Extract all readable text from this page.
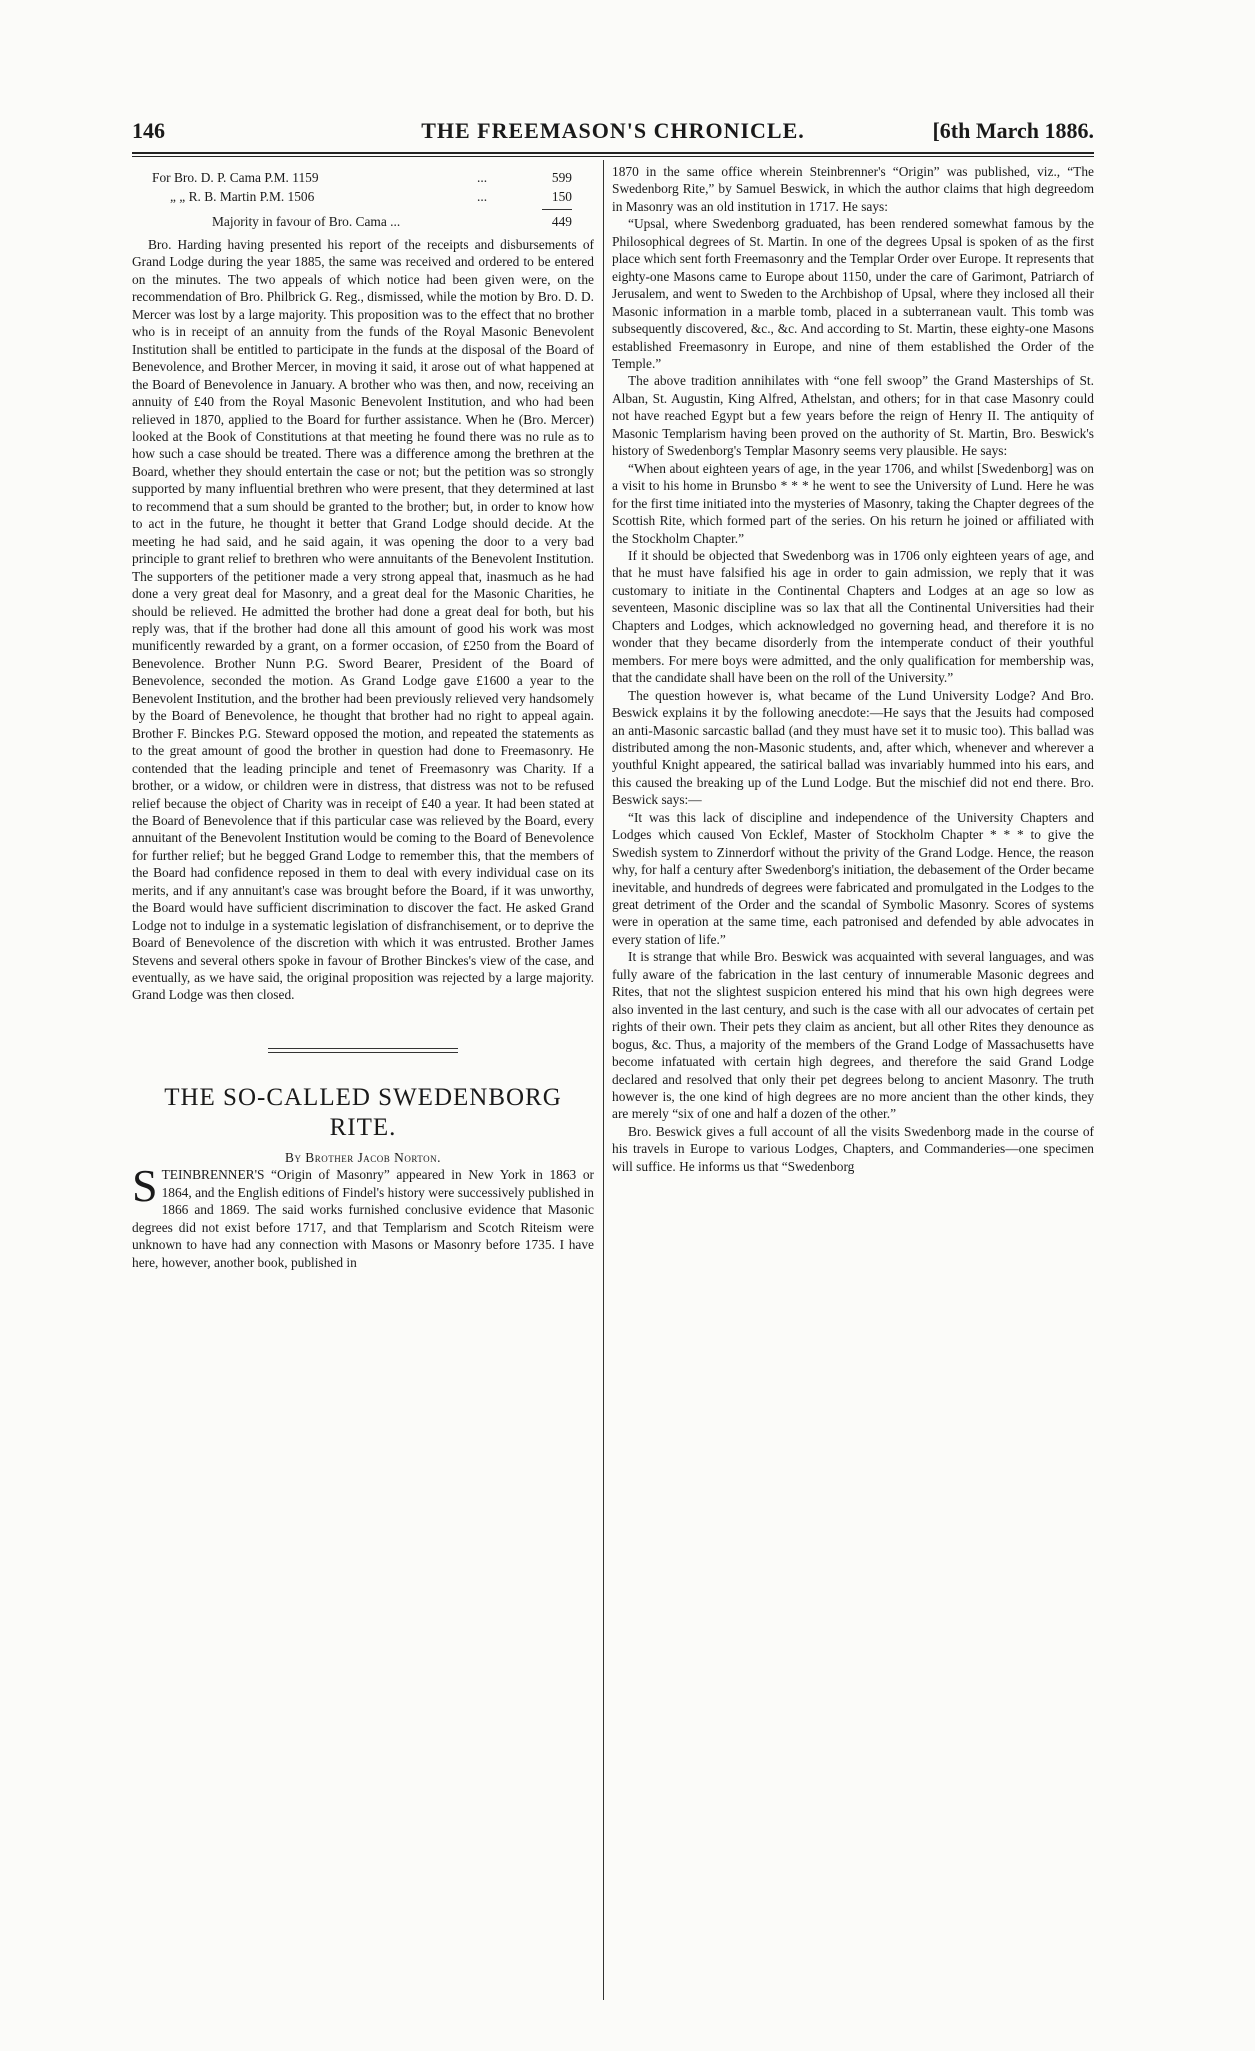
146	THE FREEMASON'S CHRONICLE.	[6th March 1886.
For Bro. D. P. Cama P.M. 1159	...	599
„ „ R. B. Martin P.M. 1506	...	150
Majority in favour of Bro. Cama ...	449

Bro. Harding having presented his report of the receipts and disbursements of Grand Lodge during the year 1885, the same was received and ordered to be entered on the minutes. The two appeals of which notice had been given were, on the recommendation of Bro. Philbrick G. Reg., dismissed, while the motion by Bro. D. D. Mercer was lost by a large majority. This proposition was to the effect that no brother who is in receipt of an annuity from the funds of the Royal Masonic Benevolent Institution shall be entitled to participate in the funds at the disposal of the Board of Benevolence, and Brother Mercer, in moving it said, it arose out of what happened at the Board of Benevolence in January. A brother who was then, and now, receiving an annuity of £40 from the Royal Masonic Benevolent Institution, and who had been relieved in 1870, applied to the Board for further assistance. When he (Bro. Mercer) looked at the Book of Constitutions at that meeting he found there was no rule as to how such a case should be treated. There was a difference among the brethren at the Board, whether they should entertain the case or not; but the petition was so strongly supported by many influential brethren who were present, that they determined at last to recommend that a sum should be granted to the brother; but, in order to know how to act in the future, he thought it better that Grand Lodge should decide. At the meeting he had said, and he said again, it was opening the door to a very bad principle to grant relief to brethren who were annuitants of the Benevolent Institution. The supporters of the petitioner made a very strong appeal that, inasmuch as he had done a very great deal for Masonry, and a great deal for the Masonic Charities, he should be relieved. He admitted the brother had done a great deal for both, but his reply was, that if the brother had done all this amount of good his work was most munificently rewarded by a grant, on a former occasion, of £250 from the Board of Benevolence. Brother Nunn P.G. Sword Bearer, President of the Board of Benevolence, seconded the motion. As Grand Lodge gave £1600 a year to the Benevolent Institution, and the brother had been previously relieved very handsomely by the Board of Benevolence, he thought that brother had no right to appeal again. Brother F. Binckes P.G. Steward opposed the motion, and repeated the statements as to the great amount of good the brother in question had done to Freemasonry. He contended that the leading principle and tenet of Freemasonry was Charity. If a brother, or a widow, or children were in distress, that distress was not to be refused relief because the object of Charity was in receipt of £40 a year. It had been stated at the Board of Benevolence that if this particular case was relieved by the Board, every annuitant of the Benevolent Institution would be coming to the Board of Benevolence for further relief; but he begged Grand Lodge to remember this, that the members of the Board had confidence reposed in them to deal with every individual case on its merits, and if any annuitant's case was brought before the Board, if it was unworthy, the Board would have sufficient discrimination to discover the fact. He asked Grand Lodge not to indulge in a systematic legislation of disfranchisement, or to deprive the Board of Benevolence of the discretion with which it was entrusted. Brother James Stevens and several others spoke in favour of Brother Binckes's view of the case, and eventually, as we have said, the original proposition was rejected by a large majority. Grand Lodge was then closed.

THE SO-CALLED SWEDENBORG RITE.
By Brother Jacob Norton.

STEINBRENNER'S “Origin of Masonry” appeared in New York in 1863 or 1864, and the English editions of Findel's history were successively published in 1866 and 1869. The said works furnished conclusive evidence that Masonic degrees did not exist before 1717, and that Templarism and Scotch Riteism were unknown to have had any connection with Masons or Masonry before 1735. I have here, however, another book, published in

1870 in the same office wherein Steinbrenner's “Origin” was published, viz., “The Swedenborg Rite,” by Samuel Beswick, in which the author claims that high degreedom in Masonry was an old institution in 1717. He says:

“Upsal, where Swedenborg graduated, has been rendered somewhat famous by the Philosophical degrees of St. Martin. In one of the degrees Upsal is spoken of as the first place which sent forth Freemasonry and the Templar Order over Europe. It represents that eighty-one Masons came to Europe about 1150, under the care of Garimont, Patriarch of Jerusalem, and went to Sweden to the Archbishop of Upsal, where they inclosed all their Masonic information in a marble tomb, placed in a subterranean vault. This tomb was subsequently discovered, &c., &c. And according to St. Martin, these eighty-one Masons established Freemasonry in Europe, and nine of them established the Order of the Temple.”

The above tradition annihilates with “one fell swoop” the Grand Masterships of St. Alban, St. Augustin, King Alfred, Athelstan, and others; for in that case Masonry could not have reached Egypt but a few years before the reign of Henry II. The antiquity of Masonic Templarism having been proved on the authority of St. Martin, Bro. Beswick's history of Swedenborg's Templar Masonry seems very plausible. He says:

“When about eighteen years of age, in the year 1706, and whilst [Swedenborg] was on a visit to his home in Brunsbo * * * he went to see the University of Lund. Here he was for the first time initiated into the mysteries of Masonry, taking the Chapter degrees of the Scottish Rite, which formed part of the series. On his return he joined or affiliated with the Stockholm Chapter.”

If it should be objected that Swedenborg was in 1706 only eighteen years of age, and that he must have falsified his age in order to gain admission, we reply that it was customary to initiate in the Continental Chapters and Lodges at an age so low as seventeen, Masonic discipline was so lax that all the Continental Universities had their Chapters and Lodges, which acknowledged no governing head, and therefore it is no wonder that they became disorderly from the intemperate conduct of their youthful members. For mere boys were admitted, and the only qualification for membership was, that the candidate shall have been on the roll of the University.”

The question however is, what became of the Lund University Lodge? And Bro. Beswick explains it by the following anecdote:—He says that the Jesuits had composed an anti-Masonic sarcastic ballad (and they must have set it to music too). This ballad was distributed among the non-Masonic students, and, after which, whenever and wherever a youthful Knight appeared, the satirical ballad was invariably hummed into his ears, and this caused the breaking up of the Lund Lodge. But the mischief did not end there. Bro. Beswick says:—

“It was this lack of discipline and independence of the University Chapters and Lodges which caused Von Ecklef, Master of Stockholm Chapter * * * to give the Swedish system to Zinnerdorf without the privity of the Grand Lodge. Hence, the reason why, for half a century after Swedenborg's initiation, the debasement of the Order became inevitable, and hundreds of degrees were fabricated and promulgated in the Lodges to the great detriment of the Order and the scandal of Symbolic Masonry. Scores of systems were in operation at the same time, each patronised and defended by able advocates in every station of life.”

It is strange that while Bro. Beswick was acquainted with several languages, and was fully aware of the fabrication in the last century of innumerable Masonic degrees and Rites, that not the slightest suspicion entered his mind that his own high degrees were also invented in the last century, and such is the case with all our advocates of certain pet rights of their own. Their pets they claim as ancient, but all other Rites they denounce as bogus, &c. Thus, a majority of the members of the Grand Lodge of Massachusetts have become infatuated with certain high degrees, and therefore the said Grand Lodge declared and resolved that only their pet degrees belong to ancient Masonry. The truth however is, the one kind of high degrees are no more ancient than the other kinds, they are merely “six of one and half a dozen of the other.”

Bro. Beswick gives a full account of all the visits Swedenborg made in the course of his travels in Europe to various Lodges, Chapters, and Commanderies—one specimen will suffice. He informs us that “Swedenborg
